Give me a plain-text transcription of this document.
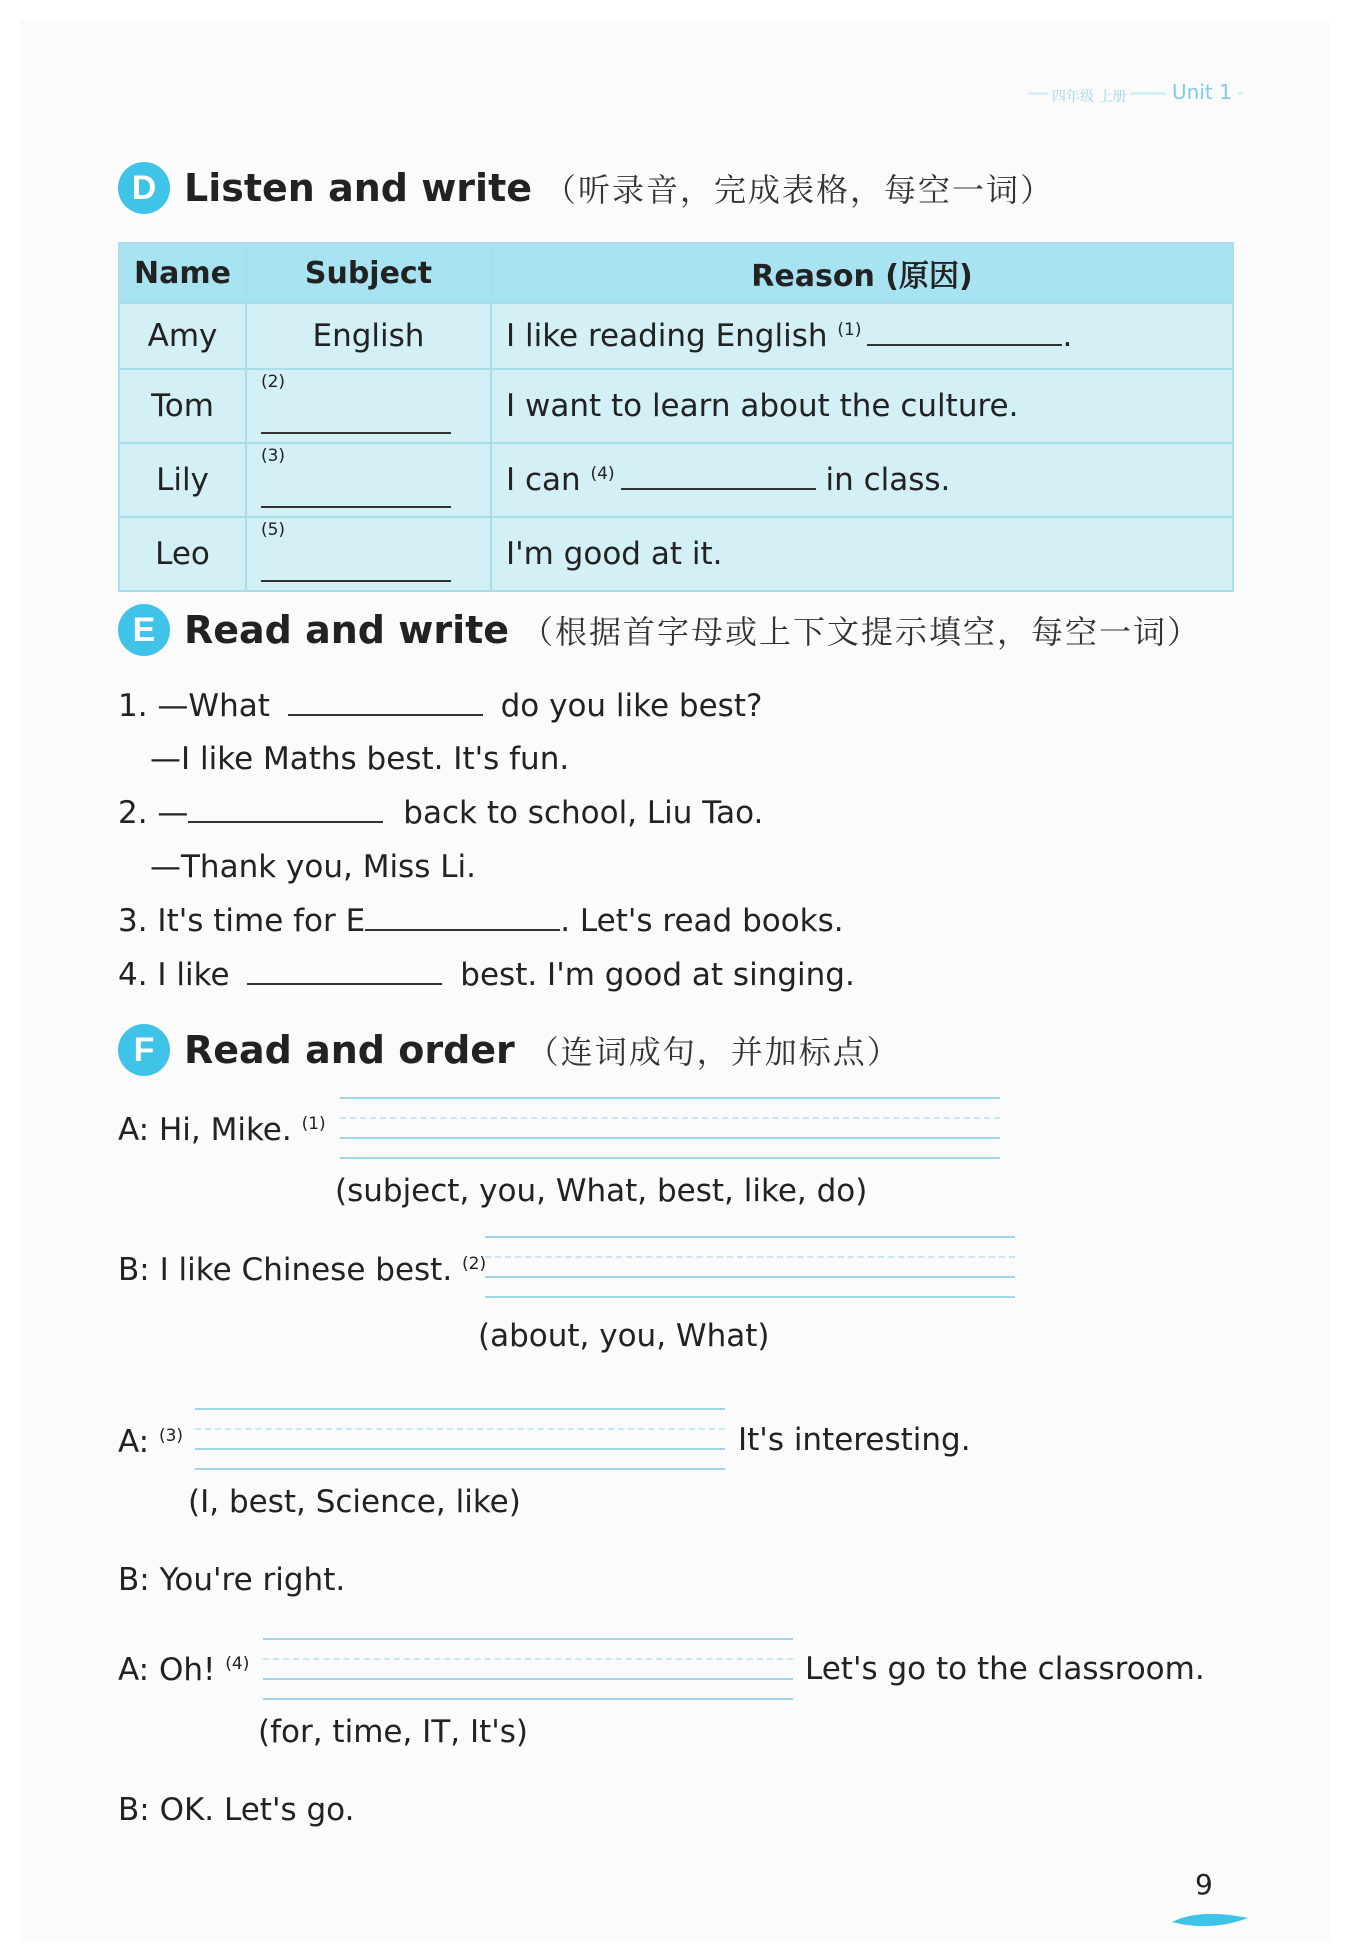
四年级 上册	Unit 1
D Listen and write （听录音，完成表格，每空一词）
Name	Subject	Reason (原因)
Amy	English	I like reading English $^{(1)}$ .
Tom	$^{(2)}$	I want to learn about the culture.
Lily	$^{(3)}$	I can $^{(4)}$ in class.
Leo	$^{(5)}$	I'm good at it.
E Read and write （根据首字母或上下文提示填空，每空一词）
1. —What	do you like best?
—I like Maths best. It's fun.
2. —	back to school, Liu Tao.
—Thank you, Miss Li.
3. It's time for E	. Let's read books.
4. I like	best. I'm good at singing.
F Read and order （连词成句，并加标点）
A: Hi, Mike. $^{(1)}$
(subject, you, What, best, like, do)
B: I like Chinese best. $^{(2)}$
(about, you, What)
A: $^{(3)}$	It's interesting.
(I, best, Science, like)
B: You're right.
A: Oh! $^{(4)}$	Let's go to the classroom.
(for, time, IT, It's)
B: OK. Let's go.
9
